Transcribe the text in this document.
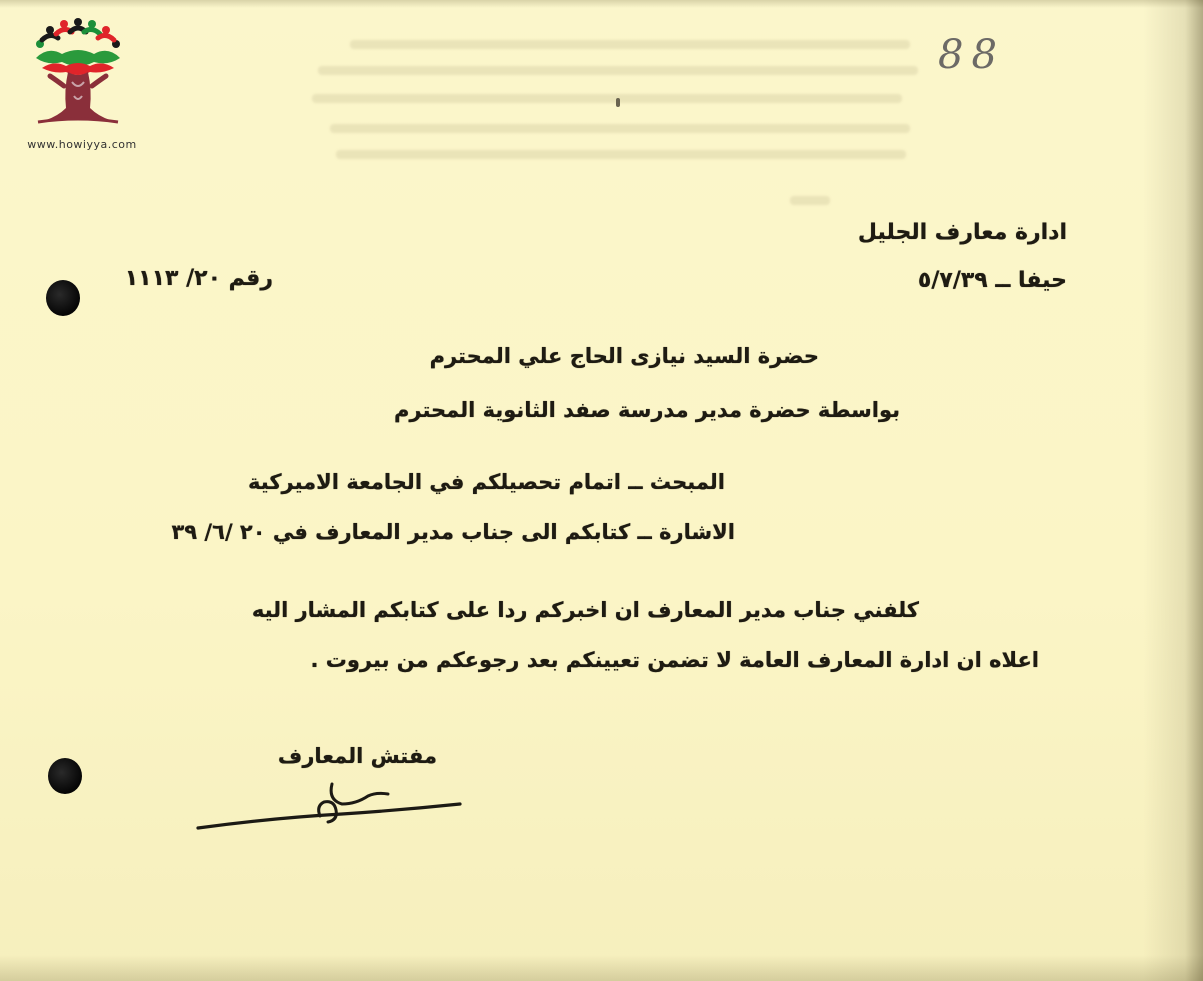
www.howiyya.com
88
ادارة معارف الجليل
حيفا ــ ٥/٧/٣٩
رقم ٢٠/ ١١١٣
حضرة السيد نيازى الحاج علي المحترم
بواسطة حضرة مدير مدرسة صفد الثانوية المحترم
المبحث ــ اتمام تحصيلكم في الجامعة الاميركية
الاشارة ــ كتابكم الى جناب مدير المعارف في ٢٠ /٦/ ٣٩
كلفني جناب مدير المعارف ان اخبركم ردا على كتابكم المشار اليه
اعلاه ان ادارة المعارف العامة لا تضمن تعيينكم بعد رجوعكم من بيروت .
مفتش المعارف
